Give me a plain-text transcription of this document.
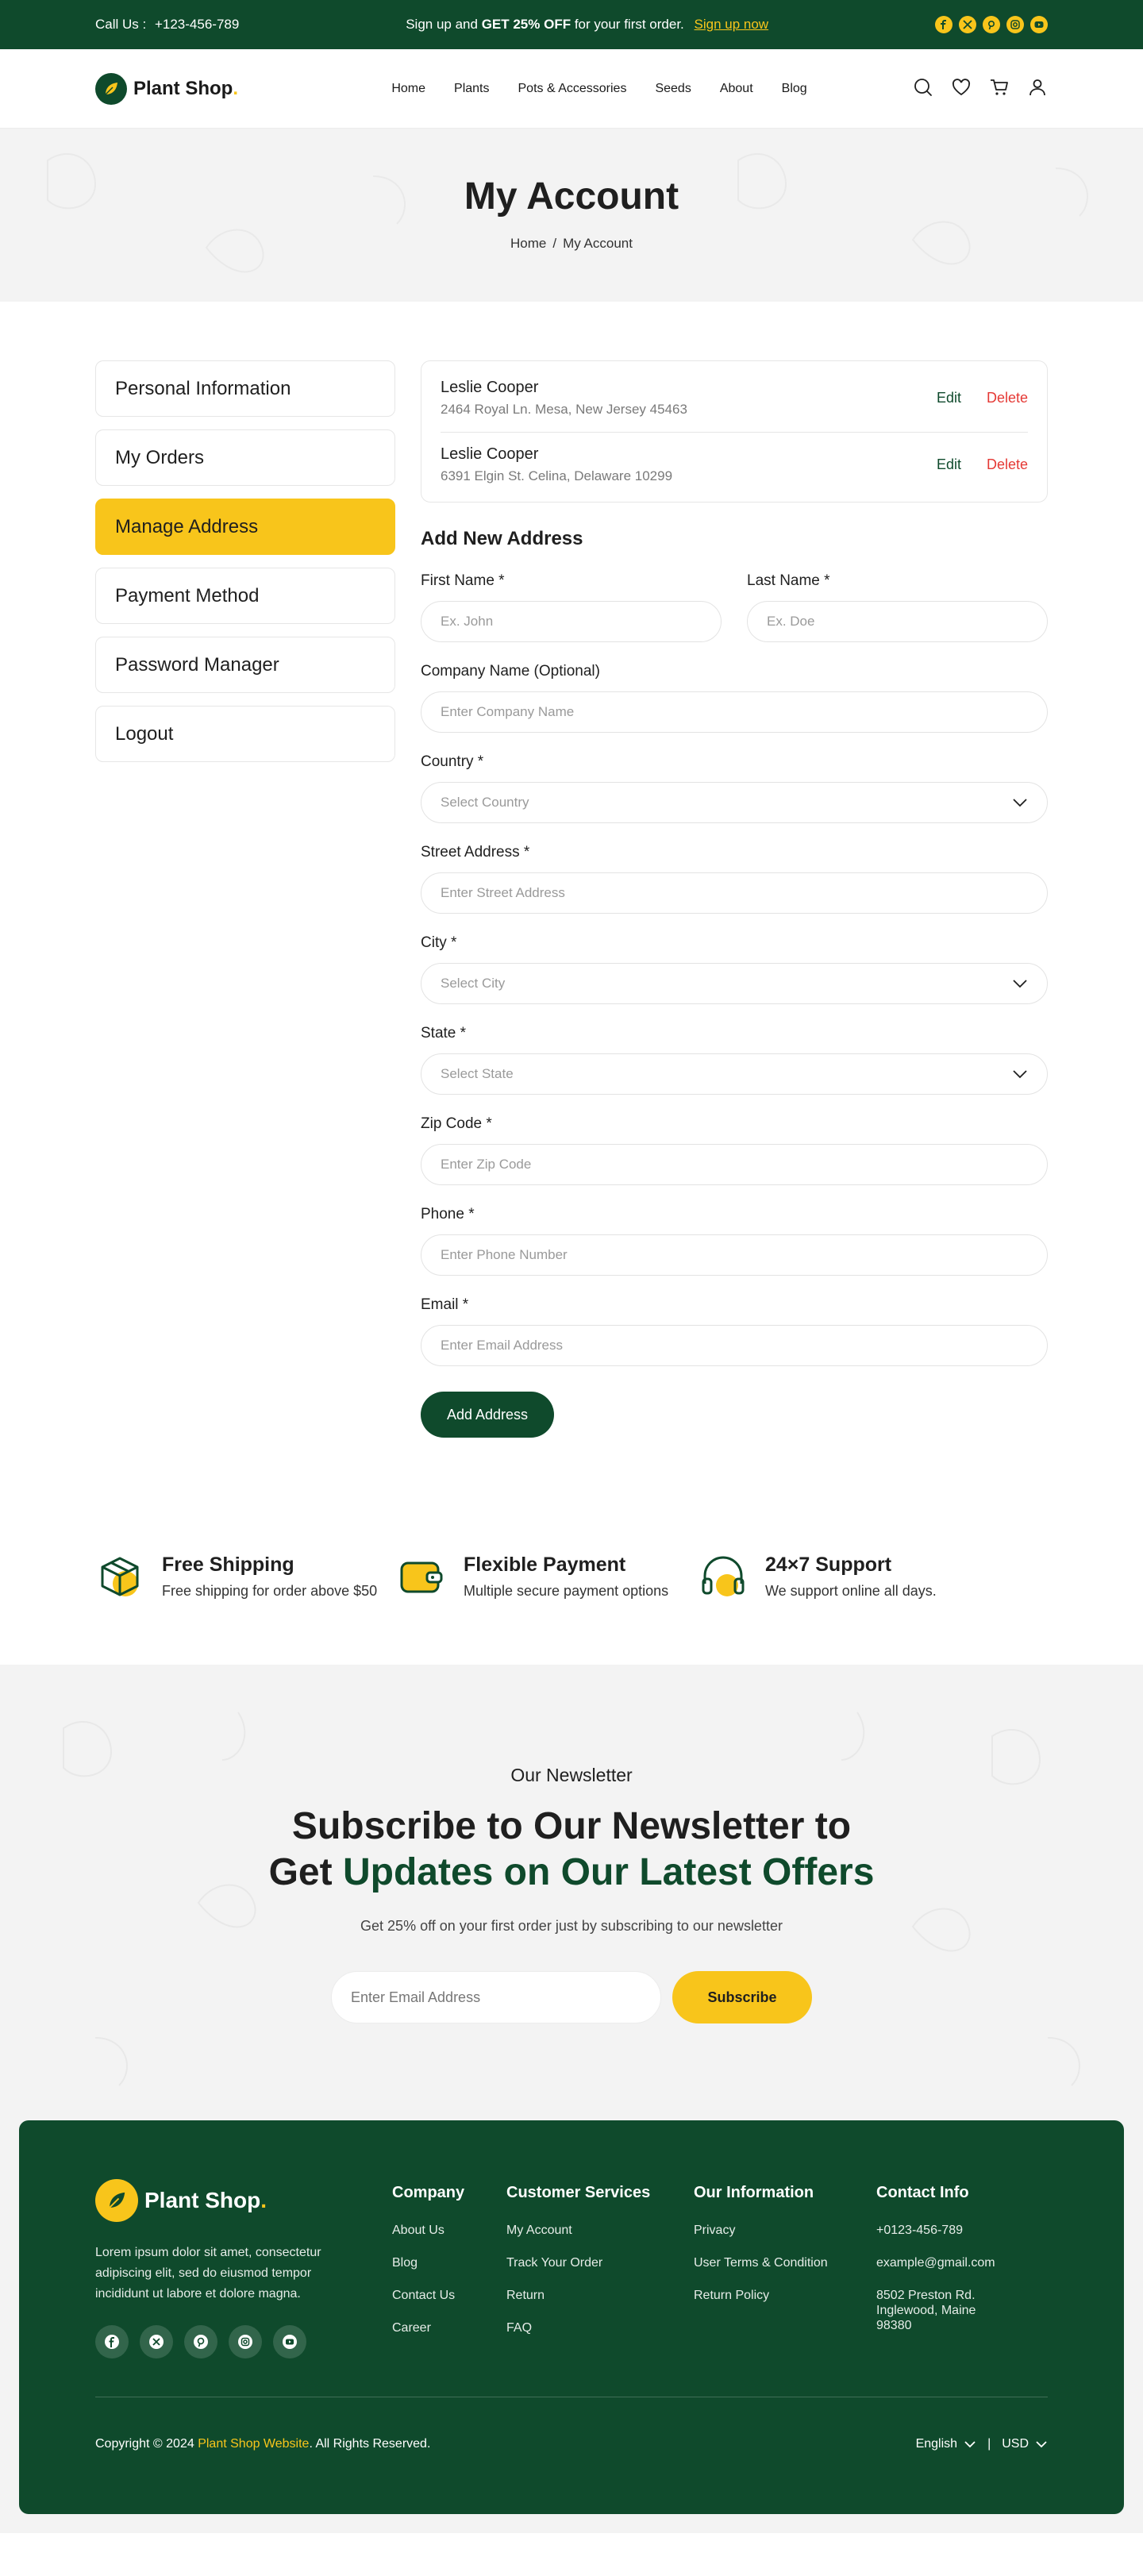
Call Us : +123-456-789	Sign up and GET 25% OFF for your first order. Sign up now
Plant Shop.	Home Plants Pots & Accessories Seeds About Blog
My Account
Home / My Account
Personal Information
My Orders
Manage Address
Payment Method
Password Manager
Logout
Leslie Cooper
2464 Royal Ln. Mesa, New Jersey 45463
Edit Delete
Leslie Cooper
6391 Elgin St. Celina, Delaware 10299
Edit Delete
Add New Address
First Name *
Ex. John	Last Name *
Ex. Doe
Company Name (Optional)
Enter Company Name
Country *
Select Country
Street Address *
Enter Street Address
City *
Select City
State *
Select State
Zip Code *
Enter Zip Code
Phone *
Enter Phone Number
Email *
Enter Email Address
Add Address
Free Shipping

Free shipping for order above $50

Flexible Payment

Multiple secure payment options

24×7 Support

We support online all days.

Our Newsletter
Subscribe to Our Newsletter to
Get Updates on Our Latest Offers
Get 25% off on your first order just by subscribing to our newsletter
Enter Email Address	Subscribe
Plant Shop.

Lorem ipsum dolor sit amet, consectetur adipiscing elit, sed do eiusmod tempor incididunt ut labore et dolore magna.

Company
About Us
Blog
Contact Us
Career
Customer Services
My Account
Track Your Order
Return
FAQ
Our Information
Privacy
User Terms & Condition
Return Policy
Contact Info
+0123-456-789
example@gmail.com
8502 Preston Rd. Inglewood, Maine 98380
Copyright © 2024 Plant Shop Website. All Rights Reserved.	English | USD
